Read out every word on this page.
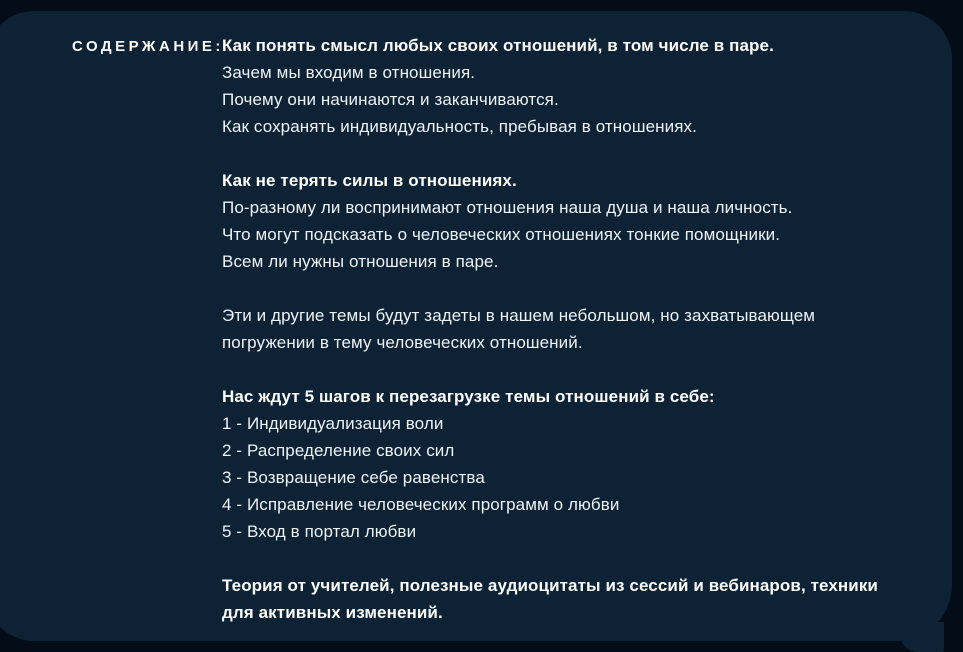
СОДЕРЖАНИЕ:
Как понять смысл любых своих отношений, в том числе в паре.
Зачем мы входим в отношения.
Почему они начинаются и заканчиваются.
Как сохранять индивидуальность, пребывая в отношениях.
Как не терять силы в отношениях.
По-разному ли воспринимают отношения наша душа и наша личность.
Что могут подсказать о человеческих отношениях тонкие помощники.
Всем ли нужны отношения в паре.
Эти и другие темы будут задеты в нашем небольшом, но захватывающем погружении в тему человеческих отношений.
Нас ждут 5 шагов к перезагрузке темы отношений в себе:
1 - Индивидуализация воли
2 - Распределение своих сил
3 - Возвращение себе равенства
4 - Исправление человеческих программ о любви
5 - Вход в портал любви
Теория от учителей, полезные аудиоцитаты из сессий и вебинаров, техники для активных изменений.
